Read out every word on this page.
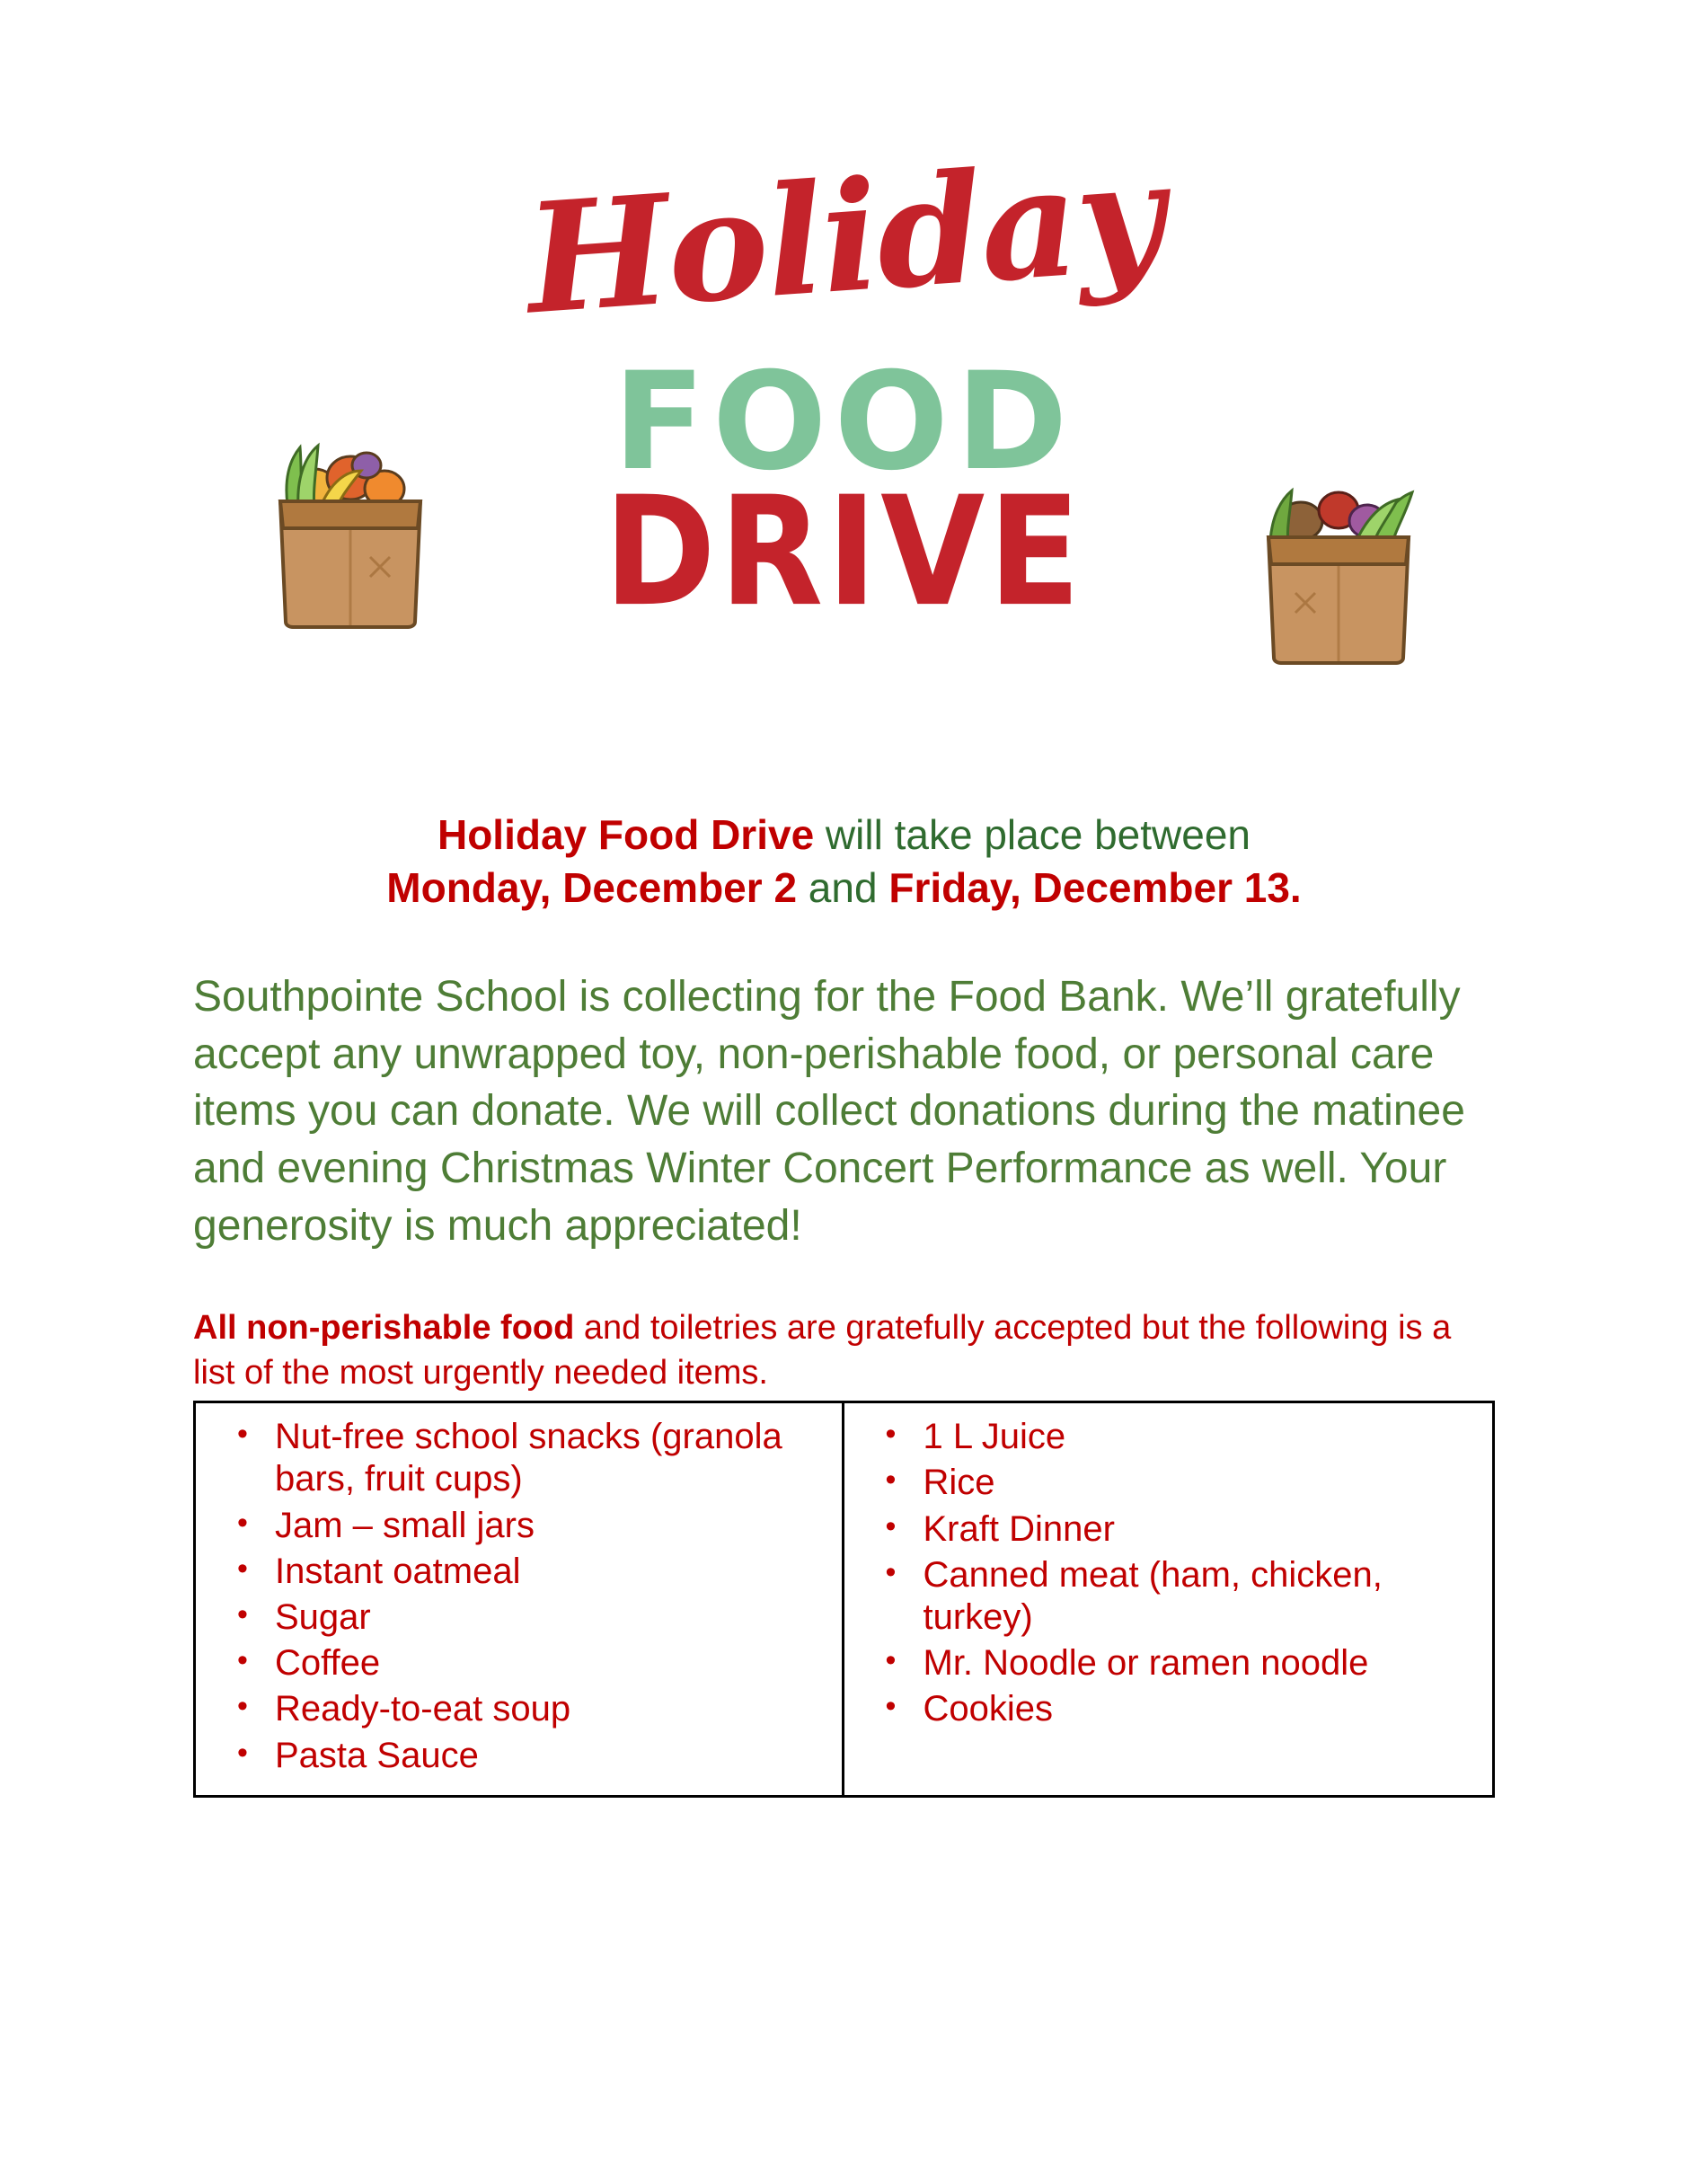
Holiday
FOOD
DRIVE
Holiday Food Drive will take place between
Monday, December 2 and Friday, December 13.
Southpointe School is collecting for the Food Bank. We’ll gratefully accept any unwrapped toy, non-perishable food, or personal care items you can donate. We will collect donations during the matinee and evening Christmas Winter Concert Performance as well. Your generosity is much appreciated!
All non-perishable food and toiletries are gratefully accepted but the following is a list of the most urgently needed items.
• Nut-free school snacks (granola bars, fruit cups)
• Jam – small jars
• Instant oatmeal
• Sugar
• Coffee
• Ready-to-eat soup
• Pasta Sauce
• 1 L Juice
• Rice
• Kraft Dinner
• Canned meat (ham, chicken, turkey)
• Mr. Noodle or ramen noodle
• Cookies
